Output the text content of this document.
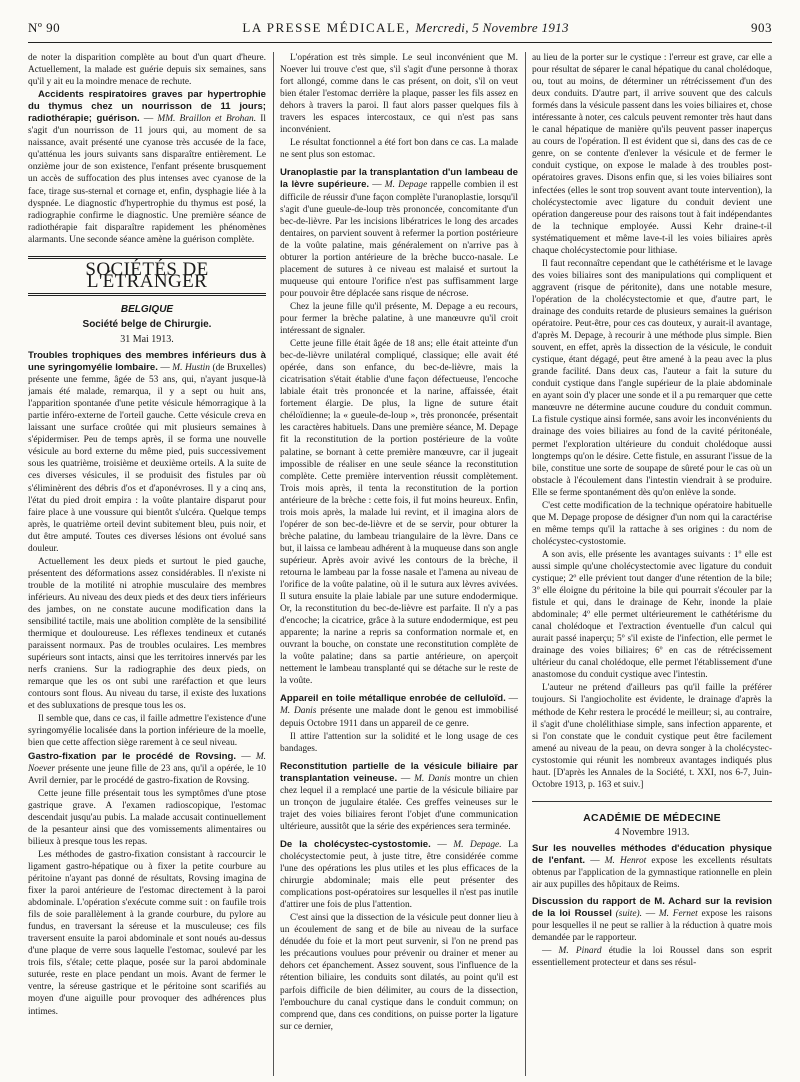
Nº 90	LA PRESSE MÉDICALE, Mercredi, 5 Novembre 1913	903

de noter la disparition complète au bout d'un quart d'heure. Actuellement, la malade est guérie depuis six semaines, sans qu'il y ait eu la moindre menace de rechute.

Accidents respiratoires graves par hypertrophie du thymus chez un nourrisson de 11 jours; radiothérapie; guérison. — MM. Braillon et Brohan. Il s'agit d'un nourrisson de 11 jours qui, au moment de sa naissance, avait présenté une cyanose très accusée de la face, qu'atténua les jours suivants sans disparaître entièrement. Le onzième jour de son existence, l'enfant présente brusquement un accès de suffocation des plus intenses avec cyanose de la face, tirage sus-sternal et cornage et, enfin, dysphagie liée à la dyspnée. Le diagnostic d'hypertrophie du thymus est posé, la radiographie confirme le diagnostic. Une première séance de radiothérapie fait disparaître rapidement les phénomènes alarmants. Une seconde séance amène la guérison complète.

SOCIÉTÉS DE L'ÉTRANGER
BELGIQUE
Société belge de Chirurgie.
31 Mai 1913.

Troubles trophiques des membres inférieurs dus à une syringomyélie lombaire. — M. Hustin (de Bruxelles) présente une femme, âgée de 53 ans, qui, n'ayant jusque-là jamais été malade, remarqua, il y a sept ou huit ans, l'apparition spontanée d'une petite vésicule hémorragique à la partie inféro-externe de l'orteil gauche. Cette vésicule creva en laissant une surface croûtée qui mit plusieurs semaines à s'épidermiser. Peu de temps après, il se forma une nouvelle vésicule au bord externe du même pied, puis successivement sous les quatrième, troisième et deuxième orteils. A la suite de ces diverses vésicules, il se produisit des fistules par où s'éliminèrent des débris d'os et d'aponévroses. Il y a cinq ans, l'état du pied droit empira : la voûte plantaire disparut pour faire place à une voussure qui bientôt s'ulcéra. Quelque temps après, le quatrième orteil devint subitement bleu, puis noir, et dut être amputé. Toutes ces diverses lésions ont évolué sans douleur.

Actuellement les deux pieds et surtout le pied gauche, présentent des déformations assez considérables. Il n'existe ni trouble de la motilité ni atrophie musculaire des membres inférieurs. Au niveau des deux pieds et des deux tiers inférieurs des jambes, on ne constate aucune modification dans la sensibilité tactile, mais une abolition complète de la sensibilité thermique et douloureuse. Les réflexes tendineux et cutanés paraissent normaux. Pas de troubles oculaires. Les membres supérieurs sont intacts, ainsi que les territoires innervés par les nerfs craniens. Sur la radiographie des deux pieds, on remarque que les os ont subi une raréfaction et que leurs contours sont flous. Au niveau du tarse, il existe des luxations et des subluxations de presque tous les os.

Il semble que, dans ce cas, il faille admettre l'existence d'une syringomyélie localisée dans la portion inférieure de la moelle, bien que cette affection siège rarement à ce seul niveau.

Gastro-fixation par le procédé de Rovsing. — M. Noever présente une jeune fille de 23 ans, qu'il a opérée, le 10 Avril dernier, par le procédé de gastro-fixation de Rovsing.

Cette jeune fille présentait tous les symptômes d'une ptose gastrique grave. A l'examen radioscopique, l'estomac descendait jusqu'au pubis. La malade accusait continuellement de la pesanteur ainsi que des vomissements alimentaires ou bilieux à presque tous les repas.

Les méthodes de gastro-fixation consistant à raccourcir le ligament gastro-hépatique ou à fixer la petite courbure au péritoine n'ayant pas donné de résultats, Rovsing imagina de fixer la paroi antérieure de l'estomac directement à la paroi abdominale. L'opération s'exécute comme suit : on faufile trois fils de soie parallèlement à la grande courbure, du pylore au fundus, en traversant la séreuse et la musculeuse; ces fils traversent ensuite la paroi abdominale et sont noués au-dessus d'une plaque de verre sous laquelle l'estomac, soulevé par les trois fils, s'étale; cette plaque, posée sur la paroi abdominale suturée, reste en place pendant un mois. Avant de fermer le ventre, la séreuse gastrique et le péritoine sont scarifiés au moyen d'une aiguille pour provoquer des adhérences plus intimes.

L'opération est très simple. Le seul inconvénient que M. Noever lui trouve c'est que, s'il s'agit d'une personne à thorax fort allongé, comme dans le cas présent, on doit, s'il on veut bien étaler l'estomac derrière la plaque, passer les fils assez en dehors à travers la paroi. Il faut alors passer quelques fils à travers les espaces intercostaux, ce qui n'est pas sans inconvénient.

Le résultat fonctionnel a été fort bon dans ce cas. La malade ne sent plus son estomac.

Uranoplastie par la transplantation d'un lambeau de la lèvre supérieure. — M. Depage rappelle combien il est difficile de réussir d'une façon complète l'uranoplastie, lorsqu'il s'agit d'une gueule-de-loup très prononcée, concomitante d'un bec-de-lièvre. Par les incisions libératrices le long des arcades dentaires, on parvient souvent à refermer la portion postérieure de la voûte palatine, mais généralement on n'arrive pas à obturer la portion antérieure de la brèche bucco-nasale. Le placement de sutures à ce niveau est malaisé et surtout la muqueuse qui entoure l'orifice n'est pas suffisamment large pour pouvoir être déplacée sans risque de nécrose.

Chez la jeune fille qu'il présente, M. Depage a eu recours, pour fermer la brèche palatine, à une manœuvre qu'il croit intéressant de signaler.

Cette jeune fille était âgée de 18 ans; elle était atteinte d'un bec-de-lièvre unilatéral compliqué, classique; elle avait été opérée, dans son enfance, du bec-de-lièvre, mais la cicatrisation s'était établie d'une façon défectueuse, l'encoche labiale était très prononcée et la narine, affaissée, était fortement élargie. De plus, la ligne de suture était chéloïdienne; la « gueule-de-loup », très prononcée, présentait les caractères habituels. Dans une première séance, M. Depage fit la reconstitution de la portion postérieure de la voûte palatine, se bornant à cette première manœuvre, car il jugeait impossible de réaliser en une seule séance la reconstitution complète. Cette première intervention réussit complètement. Trois mois après, il tenta la reconstitution de la portion antérieure de la brèche : cette fois, il fut moins heureux. Enfin, trois mois après, la malade lui revint, et il imagina alors de l'opérer de son bec-de-lièvre et de se servir, pour obturer la brèche palatine, du lambeau triangulaire de la lèvre. Dans ce but, il laissa ce lambeau adhérent à la muqueuse dans son angle supérieur. Après avoir avivé les contours de la brèche, il retourna le lambeau par la fosse nasale et l'amena au niveau de l'orifice de la voûte palatine, où il le sutura aux lèvres avivées. Il sutura ensuite la plaie labiale par une suture endodermique. Or, la reconstitution du bec-de-lièvre est parfaite. Il n'y a pas d'encoche; la cicatrice, grâce à la suture endodermique, est peu apparente; la narine a repris sa conformation normale et, en ouvrant la bouche, on constate une reconstitution complète de la voûte palatine; dans sa partie antérieure, on aperçoit nettement le lambeau transplanté qui se détache sur le reste de la voûte.

Appareil en toile métallique enrobée de celluloïd. — M. Danis présente une malade dont le genou est immobilisé depuis Octobre 1911 dans un appareil de ce genre.

Il attire l'attention sur la solidité et le long usage de ces bandages.

Reconstitution partielle de la vésicule biliaire par transplantation veineuse. — M. Danis montre un chien chez lequel il a remplacé une partie de la vésicule biliaire par un tronçon de jugulaire étalée. Ces greffes veineuses sur le trajet des voies biliaires feront l'objet d'une communication ultérieure, aussitôt que la série des expériences sera terminée.

De la cholécystec-cystostomie. — M. Depage. La cholécystectomie peut, à juste titre, être considérée comme l'une des opérations les plus utiles et les plus efficaces de la chirurgie abdominale; mais elle peut présenter des complications post-opératoires sur lesquelles il n'est pas inutile d'attirer une fois de plus l'attention.

C'est ainsi que la dissection de la vésicule peut donner lieu à un écoulement de sang et de bile au niveau de la surface dénudée du foie et la mort peut survenir, si l'on ne prend pas les précautions voulues pour prévenir ou drainer et mener au dehors cet épanchement. Assez souvent, sous l'influence de la rétention biliaire, les conduits sont dilatés, au point qu'il est parfois difficile de bien délimiter, au cours de la dissection, l'embouchure du canal cystique dans le conduit commun; on comprend que, dans ces conditions, on puisse porter la ligature sur ce dernier,

au lieu de la porter sur le cystique : l'erreur est grave, car elle a pour résultat de séparer le canal hépatique du canal cholédoque, ou, tout au moins, de déterminer un rétrécissement d'un des deux conduits. D'autre part, il arrive souvent que des calculs formés dans la vésicule passent dans les voies biliaires et, chose intéressante à noter, ces calculs peuvent remonter très haut dans le canal hépatique de manière qu'ils peuvent passer inaperçus au cours de l'opération. Il est évident que si, dans des cas de ce genre, on se contente d'enlever la vésicule et de fermer le conduit cystique, on expose le malade à des troubles post-opératoires graves. Disons enfin que, si les voies biliaires sont infectées (elles le sont trop souvent avant toute intervention), la cholécystectomie avec ligature du conduit devient une opération dangereuse pour des raisons tout à fait indépendantes de la technique employée. Aussi Kehr draine-t-il systématiquement et même lave-t-il les voies biliaires après chaque cholécystectomie pour lithiase.

Il faut reconnaître cependant que le cathétérisme et le lavage des voies biliaires sont des manipulations qui compliquent et aggravent (risque de péritonite), dans une notable mesure, l'opération de la cholécystectomie et que, d'autre part, le drainage des conduits retarde de plusieurs semaines la guérison opératoire. Peut-être, pour ces cas douteux, y aurait-il avantage, d'après M. Depage, à recourir à une méthode plus simple. Bien souvent, en effet, après la dissection de la vésicule, le conduit cystique, étant dégagé, peut être amené à la peau avec la plus grande facilité. Dans deux cas, l'auteur a fait la suture du conduit cystique dans l'angle supérieur de la plaie abdominale en ayant soin d'y placer une sonde et il a pu remarquer que cette manœuvre ne détermine aucune coudure du conduit commun. La fistule cystique ainsi formée, sans avoir les inconvénients du drainage des voies biliaires au fond de la cavité péritonéale, permet l'exploration ultérieure du conduit cholédoque aussi longtemps qu'on le désire. Cette fistule, en assurant l'issue de la bile, constitue une sorte de soupape de sûreté pour le cas où un obstacle à l'écoulement dans l'intestin viendrait à se produire. Elle se ferme spontanément dès qu'on enlève la sonde.

C'est cette modification de la technique opératoire habituelle que M. Depage propose de désigner d'un nom qui la caractérise en même temps qu'il la rattache à ses origines : du nom de cholécystec-cystostomie.

A son avis, elle présente les avantages suivants : 1º elle est aussi simple qu'une cholécystectomie avec ligature du conduit cystique; 2º elle prévient tout danger d'une rétention de la bile; 3º elle éloigne du péritoine la bile qui pourrait s'écouler par la fistule et qui, dans le drainage de Kehr, inonde la plaie abdominale; 4º elle permet ultérieurement le cathétérisme du canal cholédoque et l'extraction éventuelle d'un calcul qui aurait passé inaperçu; 5º s'il existe de l'infection, elle permet le drainage des voies biliaires; 6º en cas de rétrécissement ultérieur du canal cholédoque, elle permet l'établissement d'une anastomose du conduit cystique avec l'intestin.

L'auteur ne prétend d'ailleurs pas qu'il faille la préférer toujours. Si l'angiocholite est évidente, le drainage d'après la méthode de Kehr restera le procédé le meilleur; si, au contraire, il s'agit d'une cholélithiase simple, sans infection apparente, et si l'on constate que le conduit cystique peut être facilement amené au niveau de la peau, on devra songer à la cholécystec-cystostomie qui réunit les nombreux avantages indiqués plus haut. [D'après les Annales de la Société, t. XXI, nos 6-7, Juin-Octobre 1913, p. 163 et suiv.]

ACADÉMIE DE MÉDECINE
4 Novembre 1913.

Sur les nouvelles méthodes d'éducation physique de l'enfant. — M. Henrot expose les excellents résultats obtenus par l'application de la gymnastique rationnelle en plein air aux pupilles des hôpitaux de Reims.

Discussion du rapport de M. Achard sur la revision de la loi Roussel (suite). — M. Fernet expose les raisons pour lesquelles il ne peut se rallier à la réduction à quatre mois demandée par le rapporteur.

— M. Pinard étudie la loi Roussel dans son esprit essentiellement protecteur et dans ses résul-
